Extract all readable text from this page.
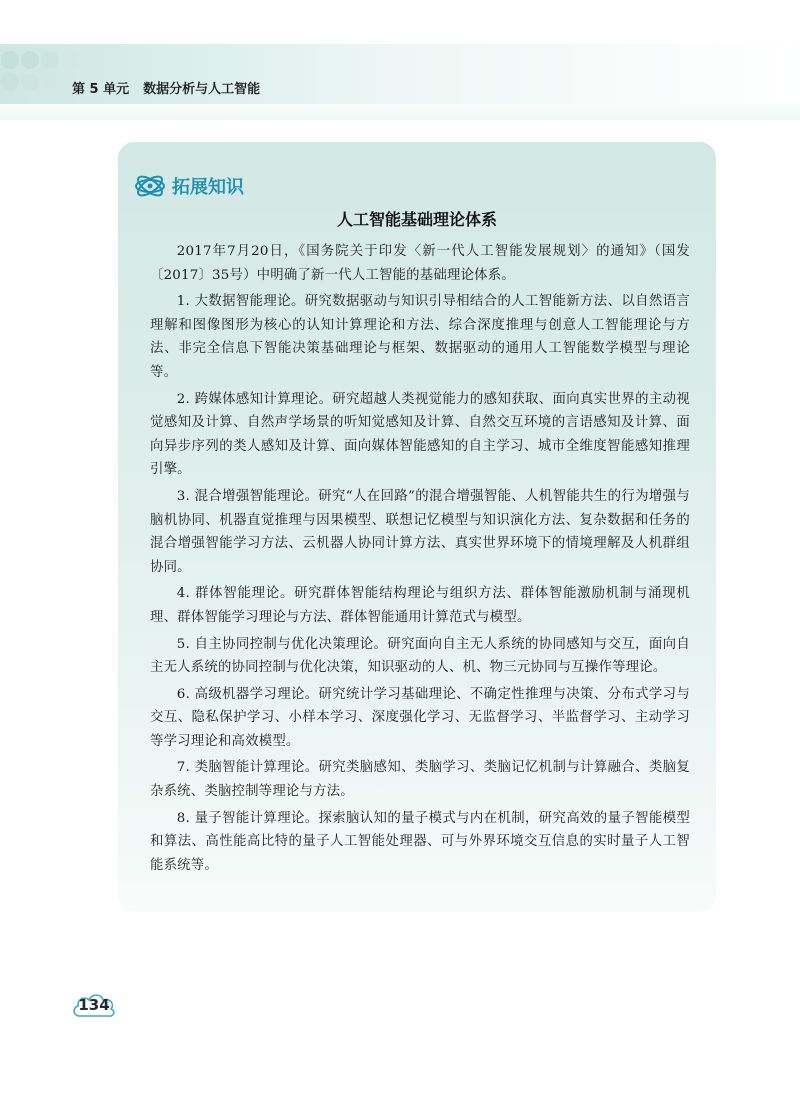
第 5 单元 数据分析与人工智能
拓展知识
人工智能基础理论体系

2017年7月20日，《国务院关于印发〈新一代人工智能发展规划〉的通知》（国发〔2017〕35号）中明确了新一代人工智能的基础理论体系。

1. 大数据智能理论。研究数据驱动与知识引导相结合的人工智能新方法、以自然语言理解和图像图形为核心的认知计算理论和方法、综合深度推理与创意人工智能理论与方法、非完全信息下智能决策基础理论与框架、数据驱动的通用人工智能数学模型与理论等。

2. 跨媒体感知计算理论。研究超越人类视觉能力的感知获取、面向真实世界的主动视觉感知及计算、自然声学场景的听知觉感知及计算、自然交互环境的言语感知及计算、面向异步序列的类人感知及计算、面向媒体智能感知的自主学习、城市全维度智能感知推理引擎。

3. 混合增强智能理论。研究“人在回路”的混合增强智能、人机智能共生的行为增强与脑机协同、机器直觉推理与因果模型、联想记忆模型与知识演化方法、复杂数据和任务的混合增强智能学习方法、云机器人协同计算方法、真实世界环境下的情境理解及人机群组协同。

4. 群体智能理论。研究群体智能结构理论与组织方法、群体智能激励机制与涌现机理、群体智能学习理论与方法、群体智能通用计算范式与模型。

5. 自主协同控制与优化决策理论。研究面向自主无人系统的协同感知与交互，面向自主无人系统的协同控制与优化决策，知识驱动的人、机、物三元协同与互操作等理论。

6. 高级机器学习理论。研究统计学习基础理论、不确定性推理与决策、分布式学习与交互、隐私保护学习、小样本学习、深度强化学习、无监督学习、半监督学习、主动学习等学习理论和高效模型。

7. 类脑智能计算理论。研究类脑感知、类脑学习、类脑记忆机制与计算融合、类脑复杂系统、类脑控制等理论与方法。

8. 量子智能计算理论。探索脑认知的量子模式与内在机制，研究高效的量子智能模型和算法、高性能高比特的量子人工智能处理器、可与外界环境交互信息的实时量子人工智能系统等。

134
